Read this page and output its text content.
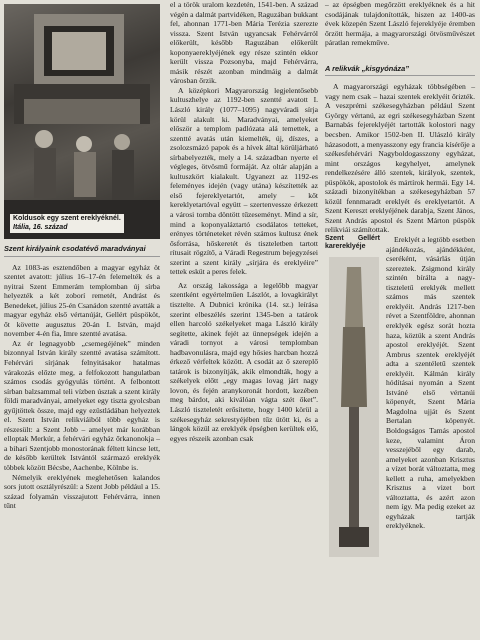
Koldusok egy szent ereklyéknél.
Itália, 16. század
Szent királyaink csodatévő maradványai

Az 1083-as esztendőben a magyar egyház öt szentet avatott: július 16–17-én felemelték és a nyitrai Szent Emmerám templomban új sírba helyezték a két zoborí remetét, Andrást és Benedeket, július 25-én Csanádon szentté avatták a magyar egyház első vértanúját, Gellért püspököt, őt követte augusztus 20-án I. István, majd november 4-én fia, Imre szentté avatása.

Az ér legnagyobb „csemegéjének” minden bizonnyal István király szentté avatása számított. Fehérvári sírjának felnyitásakor hatalmas várakozás előzte meg, a felfokozott hangulatban számos csodás gyógyulás történt. A felbontott sírban balzsammal teli vízben úsztak a szent király földi maradványai, amelyeket egy tiszta gyolcsban gyűjtöttek össze, majd egy ezüstládában helyeztek el. Szent István relikviáiból több egyház is részesült: a Szent Jobb – amelyet már korábban elloptak Merkúr, a fehérvári egyház őrkanonokja – a bihari Szentjobb monostorának féltett kincse lett, de később kerültek Istvántól származó ereklyék többek között Bécsbe, Aachenbe, Kölnbe is.

Némelyik ereklyének meglehetősen kalandos sors jutott osztályrészül: a Szent Jobb például a 15. század folyamán visszajutott Fehérvárra, innen tűnt

el a török uralom kezdetén, 1541-ben. A század végén a dalmát partvidéken, Raguzában bukkant fel, ahonnan 1771-ben Mária Terézia szerezte vissza. Szent István ugyancsak Fehérvárról előkerült, később Raguzában előkerült koponyaereklyéjének egy része szintén ekkor került vissza Pozsonyba, majd Fehérvárra, másik részét azonban mindmáig a dalmát városban őrzik.

A középkori Magyarország legjelentősebb kultuszhelye az 1192-ben szentté avatott I. László király (1077–1095) nagyváradi sírja körül alakult ki. Maradványai, amelyeket először a templom padlózata alá temettek, a szentté avatás után kiemelték, új, díszes, a zsolozsmázó papok és a hívek által körüljárható sírbabelyezték, mely a 14. században nyerte el végleges, ötvösmű formáját. Az oltár alapján a kultuszkört kialakult. Ugyanezt az 1192-es feleményes idején (vagy utána) készítették az első fejereklyetartót, amely – kőt kereklyetartóval együtt – szertenvessze érkezett a városi tornba döntött tűzeseményt. Mind a sír, mind a koponyaláztartó csodálatos tetteket, erényes történeteket révén számos kultusz ének ősforrása, hőskeretét és tiszteletben tartott rítusait rögzítő, a Váradi Regestrum bejegyzései szerint a szent király „sírjára és ereklyéire” tettek esküt a peres felek.

Az ország lakossága a legelőbb magyar szentként egyértelműen Lászlót, a lovagkirályt tisztelte. A Dubnici krónika (14. sz.) leírása szerint elbeszélés szerint 1345-ben a tatárok ellen harcoló székelyeket maga László király segítette, akinek fejét az ünnepségek idején a váradi tornyot a városi templomban hadbavonulásra, majd egy hősies harcban hozzá érkező vérfeltek között. A csodát az ő szereplő tatárok is bizonyítják, akik elmondták, hogy a székelyek előtt „egy magas lovag járt nagy lovon, és fején aranykoronát hordott, kezében meg bárdot, aki kiválóan vágta szét őket”. László tiszteletét erősítette, hogy 1400 körül a székesegyház sekrestyéjében tűz ütött ki, és a lángok közül az ereklyék épségben kerültek elő, egyes részeik azonban csak

– az épségben megőrzött ereklyéknek és a hit csodájának tulajdonították, hiszen az 1400-as évek közepén Szent László fejereklyéje éremben őrzött hermája, a magyarországi ötvösművészet páratlan remekműve.

A relikvák „kisgyónáza”

A magyarországi egyházak többségében – vagy nem csak – hazai szentek ereklyéit őrizték. A veszprémi székesegyházban például Szent György vértanú, az egri székesegyházban Szent Barnabás fejereklyéjét tartották kolostori nagy becsben. Amikor 1502-ben II. Ulászló király házasodott, a menyasszony egy francia kísérője a székesfehérvári Nagyboldogasszony egyházat, mint országos kegyhelyet, amelynek rendelkezésére álló szentek, királyok, szentek, püspökök, apostolok és mártírok hermái. Egy 14. századi bizonyítékban a székesegyházban 57 közül fennmaradt ereklyét és ereklyetartót. A Szent Kereszt ereklyéjének darabja, Szent János, Szent András apostol és Szent Márton püspök relikviái számítottak.

Szent Gellért karereklyéje

Ereklyét a legtöbb esetben ajándékozás, ajándékként, cseréként, vásárlás útján szereztek. Zsigmond király szintén bírálta a nagy-tiszteletű ereklyék mellett számos más szentek ereklyéit. András 1217-ben révet a Szentföldre, ahonnan ereklyék egész sorát hozta haza, köztük a szent András apostol ereklyéjét. Szent Ambrus szentek ereklyéjét adta a szentéletű szentek ereklyéit. Kálmán király hódításai nyomán a Szent Istváné első vértanúi köpenyét, Szent Mária Magdolna ujját és Szent Bertalan köpenyét. Boldogságos Tamás apostol keze, valamint Áron vesszejéből egy darab, amelyeket azonban Krisztus a vízet borát változtatta, meg kellett a ruha, amelyekben Krisztus a vizet bort változtatta, és azért azon nem így. Ma pedig ezeket az egyházak tartják ereklyéknek.
